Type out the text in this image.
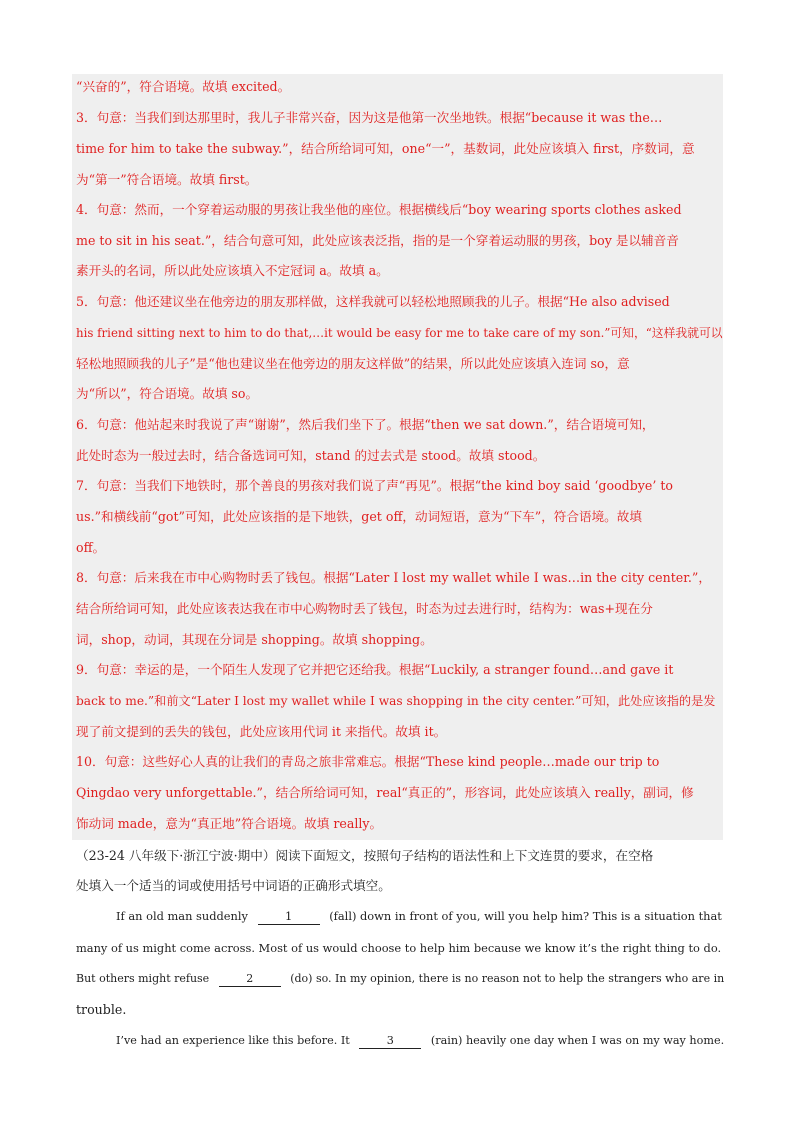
“兴奋的”，符合语境。故填 excited。
3．句意：当我们到达那里时，我儿子非常兴奋，因为这是他第一次坐地铁。根据“because it was the…
time for him to take the subway.”，结合所给词可知，one“一”，基数词，此处应该填入 first，序数词，意
为“第一”符合语境。故填 first。
4．句意：然而，一个穿着运动服的男孩让我坐他的座位。根据横线后“boy wearing sports clothes asked
me to sit in his seat.”，结合句意可知，此处应该表泛指，指的是一个穿着运动服的男孩，boy 是以辅音音
素开头的名词，所以此处应该填入不定冠词 a。故填 a。
5．句意：他还建议坐在他旁边的朋友那样做，这样我就可以轻松地照顾我的儿子。根据“He also advised
his friend sitting next to him to do that,…it would be easy for me to take care of my son.”可知，“这样我就可以
轻松地照顾我的儿子”是“他也建议坐在他旁边的朋友这样做”的结果，所以此处应该填入连词 so，意
为“所以”，符合语境。故填 so。
6．句意：他站起来时我说了声“谢谢”，然后我们坐下了。根据“then we sat down.”，结合语境可知，
此处时态为一般过去时，结合备选词可知，stand 的过去式是 stood。故填 stood。
7．句意：当我们下地铁时，那个善良的男孩对我们说了声“再见”。根据“the kind boy said ‘goodbye’ to
us.”和横线前“got”可知，此处应该指的是下地铁，get off，动词短语，意为“下车”，符合语境。故填
off。
8．句意：后来我在市中心购物时丢了钱包。根据“Later I lost my wallet while I was…in the city center.”，
结合所给词可知，此处应该表达我在市中心购物时丢了钱包，时态为过去进行时，结构为：was+现在分
词，shop，动词，其现在分词是 shopping。故填 shopping。
9．句意：幸运的是，一个陌生人发现了它并把它还给我。根据“Luckily, a stranger found…and gave it
back to me.”和前文“Later I lost my wallet while I was shopping in the city center.”可知，此处应该指的是发
现了前文提到的丢失的钱包，此处应该用代词 it 来指代。故填 it。
10．句意：这些好心人真的让我们的青岛之旅非常难忘。根据“These kind people…made our trip to
Qingdao very unforgettable.”，结合所给词可知，real“真正的”，形容词，此处应该填入 really，副词，修
饰动词 made，意为“真正地”符合语境。故填 really。
（23-24 八年级下·浙江宁波·期中）阅读下面短文，按照句子结构的语法性和上下文连贯的要求，在空格
处填入一个适当的词或使用括号中词语的正确形式填空。
If an old man suddenly	1	(fall) down in front of you, will you help him? This is a situation that
many of us might come across. Most of us would choose to help him because we know it’s the right thing to do.
But others might refuse	2	(do) so. In my opinion, there is no reason not to help the strangers who are in
trouble.
I’ve had an experience like this before. It	3	(rain) heavily one day when I was on my way home.
